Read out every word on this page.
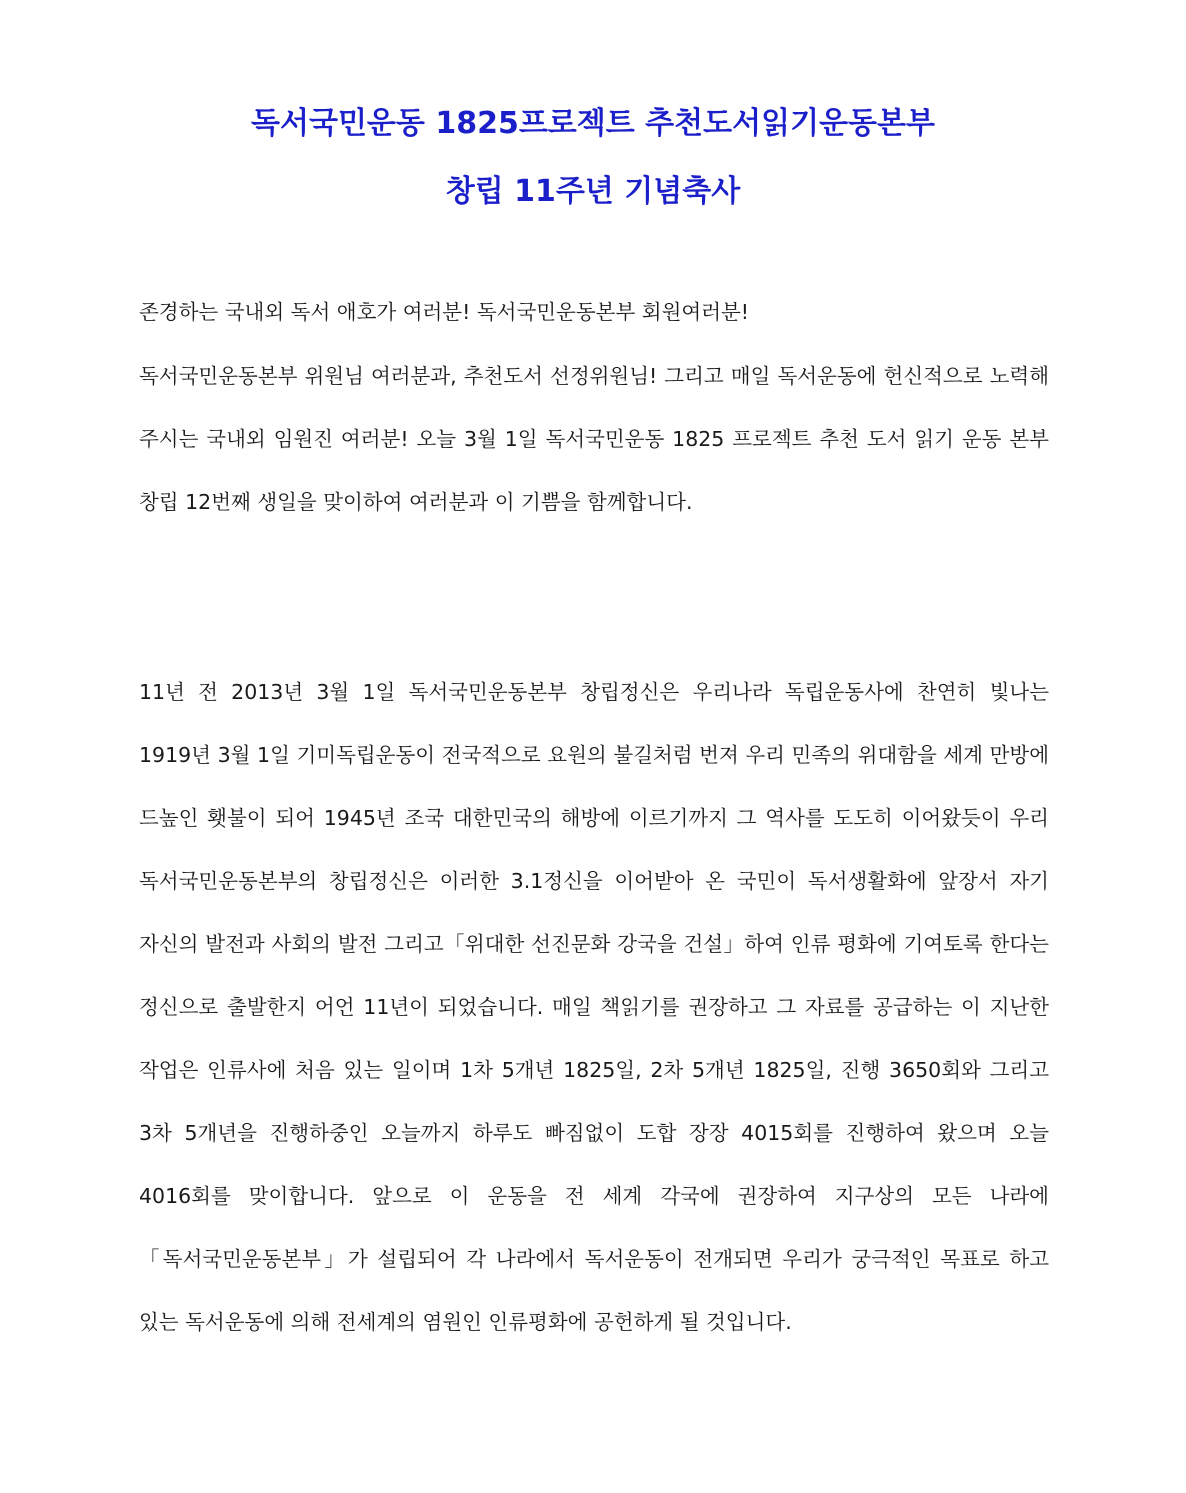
독서국민운동 1825프로젝트 추천도서읽기운동본부
창립 11주년 기념축사

존경하는 국내외 독서 애호가 여러분! 독서국민운동본부 회원여러분!

독서국민운동본부 위원님 여러분과, 추천도서 선정위원님! 그리고 매일 독서운동에 헌신적으로 노력해 주시는 국내외 임원진 여러분! 오늘 3월 1일 독서국민운동 1825 프로젝트 추천 도서 읽기 운동 본부 창립 12번째 생일을 맞이하여 여러분과 이 기쁨을 함께합니다.

11년 전 2013년 3월 1일 독서국민운동본부 창립정신은 우리나라 독립운동사에 찬연히 빛나는 1919년 3월 1일 기미독립운동이 전국적으로 요원의 불길처럼 번져 우리 민족의 위대함을 세계 만방에 드높인 횃불이 되어 1945년 조국 대한민국의 해방에 이르기까지 그 역사를 도도히 이어왔듯이 우리 독서국민운동본부의 창립정신은 이러한 3.1정신을 이어받아 온 국민이 독서생활화에 앞장서 자기 자신의 발전과 사회의 발전 그리고「위대한 선진문화 강국을 건설」하여 인류 평화에 기여토록 한다는 정신으로 출발한지 어언 11년이 되었습니다. 매일 책읽기를 권장하고 그 자료를 공급하는 이 지난한 작업은 인류사에 처음 있는 일이며 1차 5개년 1825일, 2차 5개년 1825일, 진행 3650회와 그리고 3차 5개년을 진행하중인 오늘까지 하루도 빠짐없이 도합 장장 4015회를 진행하여 왔으며 오늘 4016회를 맞이합니다. 앞으로 이 운동을 전 세계 각국에 권장하여 지구상의 모든 나라에「독서국민운동본부」가 설립되어 각 나라에서 독서운동이 전개되면 우리가 궁극적인 목표로 하고 있는 독서운동에 의해 전세계의 염원인 인류평화에 공헌하게 될 것입니다.
